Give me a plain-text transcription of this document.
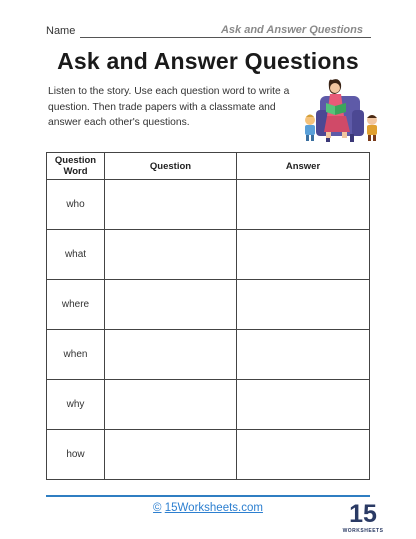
Name	Ask and Answer Questions
Ask and Answer Questions
Listen to the story. Use each question word to write a question. Then trade papers with a classmate and answer each other's questions.
Question Word	Question	Answer
who		
what		
where		
when		
why		
how		
© 15Worksheets.com	15
WORKSHEETS
